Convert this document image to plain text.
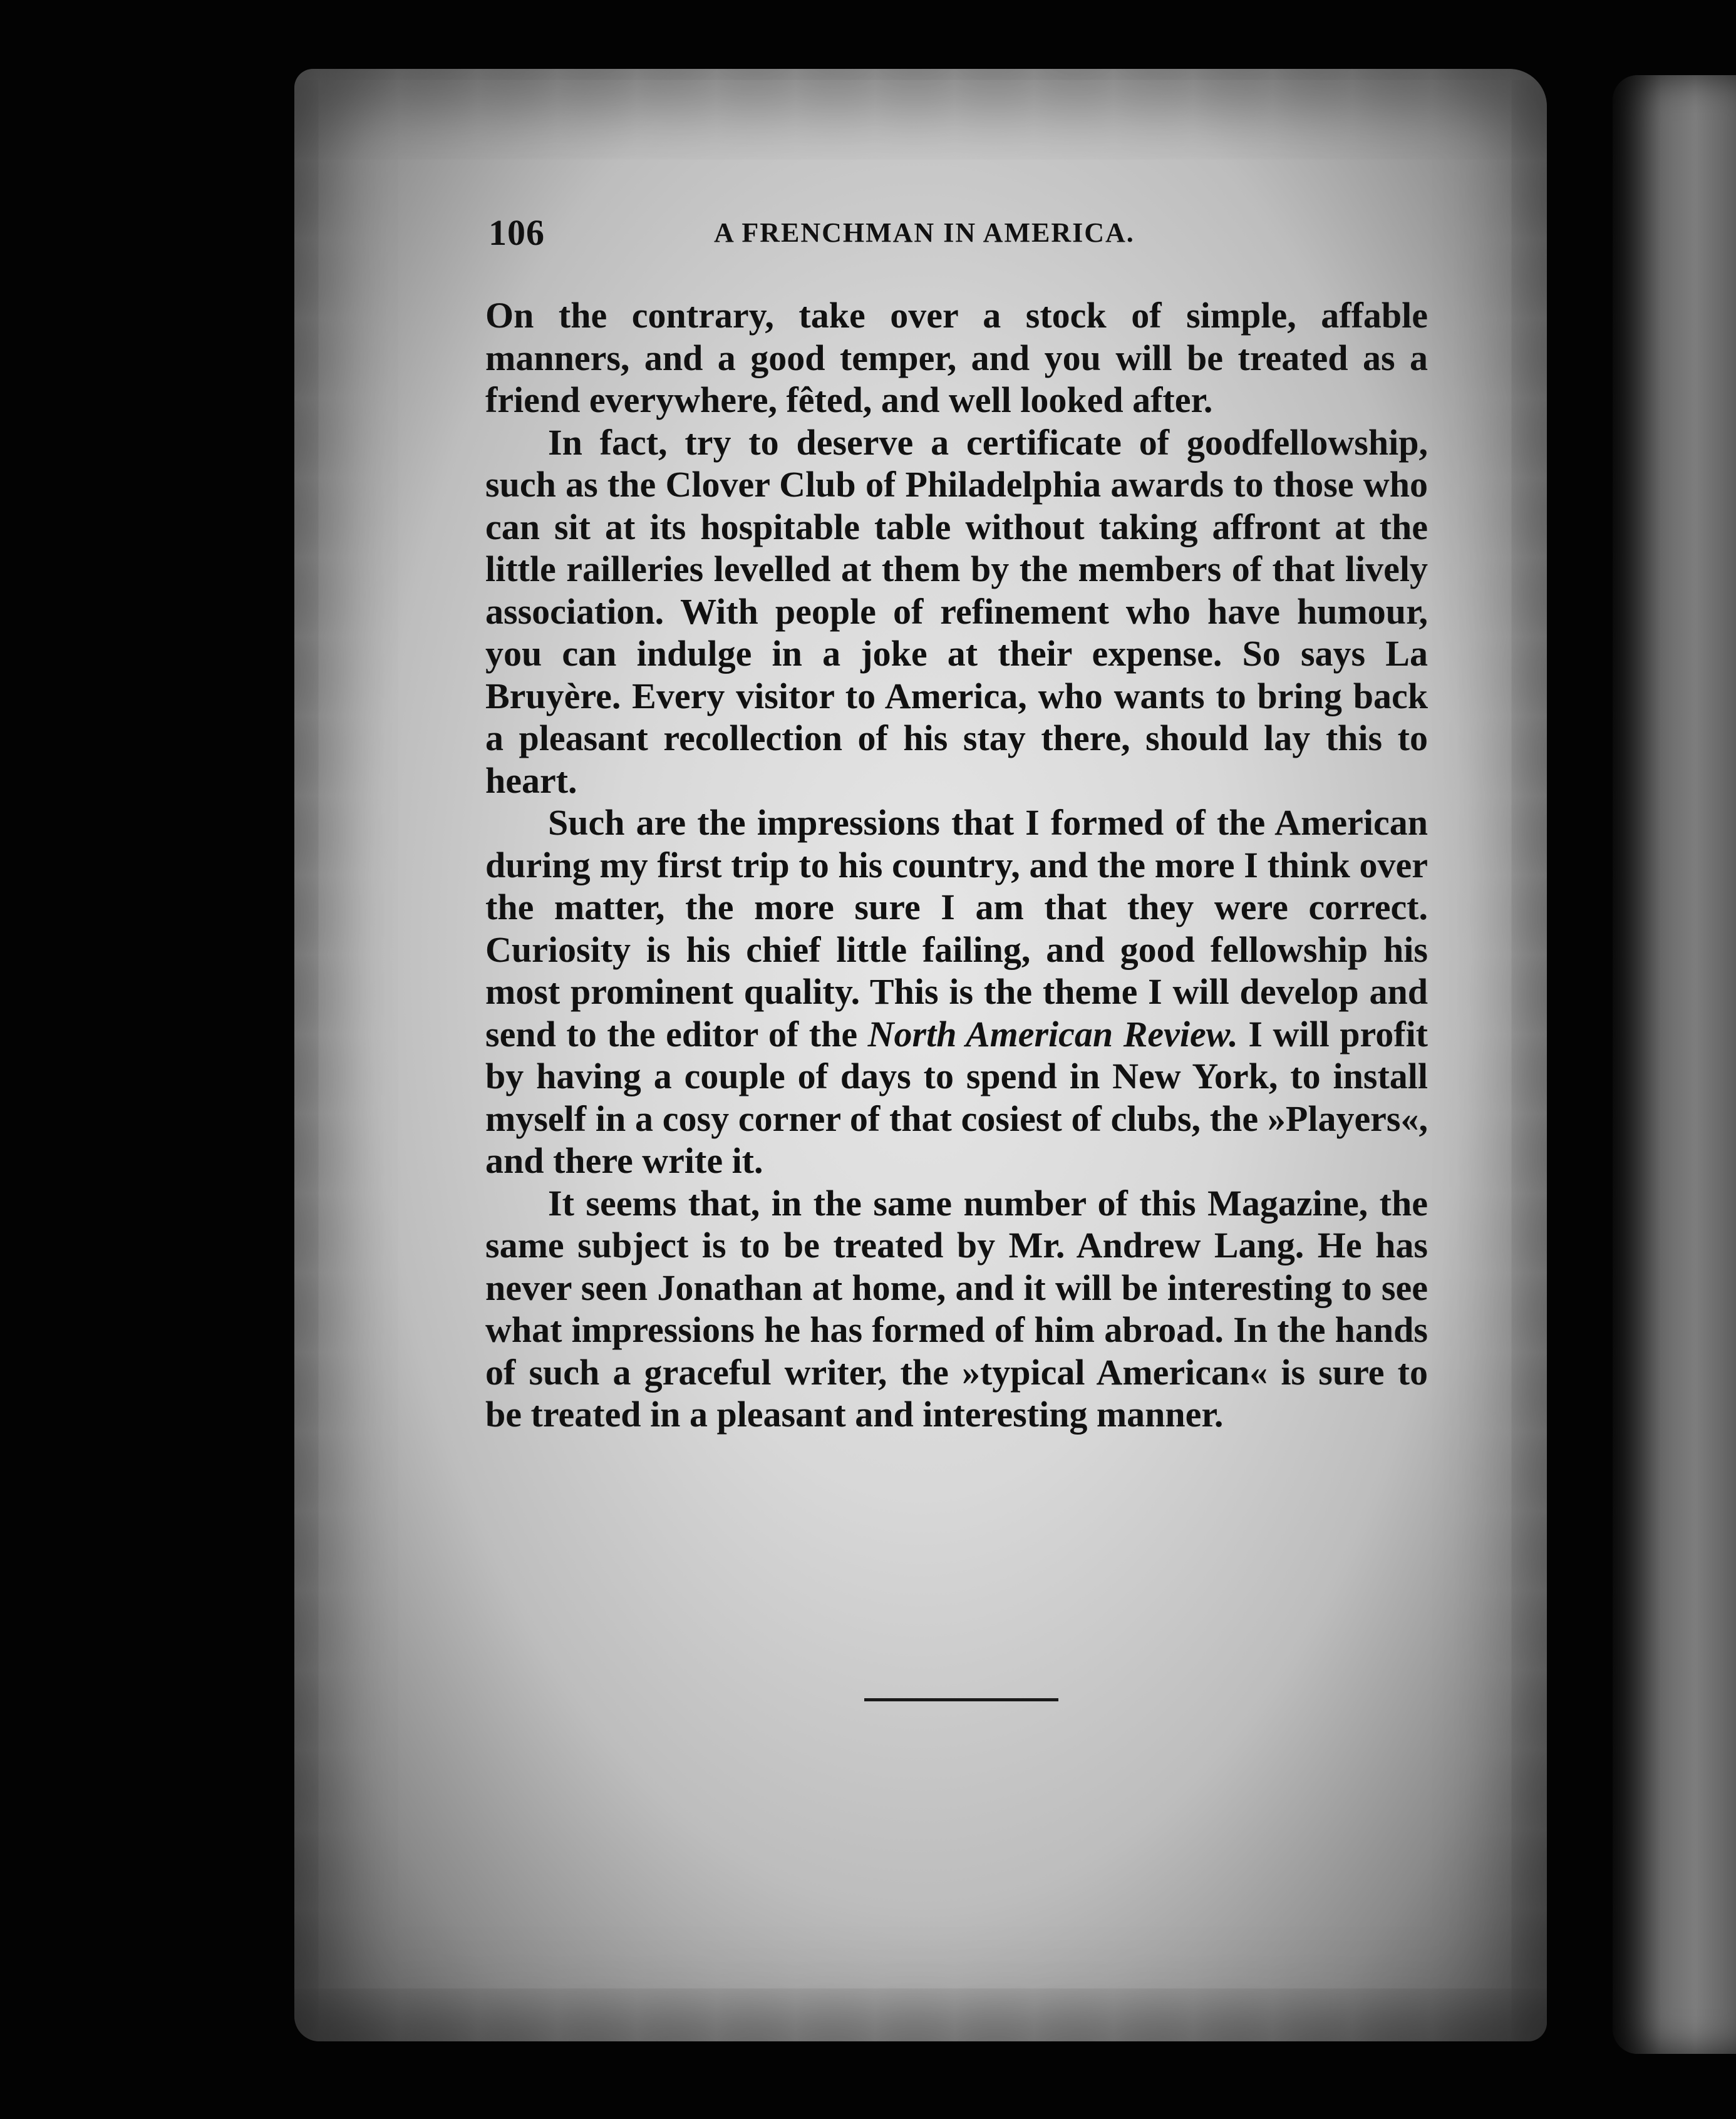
106	A FRENCHMAN IN AMERICA.

On the contrary, take over a stock of simple, affable manners, and a good temper, and you will be treated as a friend everywhere, fêted, and well looked after.

In fact, try to deserve a certificate of goodfellowship, such as the Clover Club of Philadelphia awards to those who can sit at its hospitable table without taking affront at the little railleries levelled at them by the members of that lively association. With people of refinement who have humour, you can indulge in a joke at their expense. So says La Bruyère. Every visitor to America, who wants to bring back a pleasant recollection of his stay there, should lay this to heart.

Such are the impressions that I formed of the American during my first trip to his country, and the more I think over the matter, the more sure I am that they were correct. Curiosity is his chief little failing, and good fellowship his most prominent quality. This is the theme I will develop and send to the editor of the North American Review. I will profit by having a couple of days to spend in New York, to install myself in a cosy corner of that cosiest of clubs, the »Players«, and there write it.

It seems that, in the same number of this Magazine, the same subject is to be treated by Mr. Andrew Lang. He has never seen Jonathan at home, and it will be interesting to see what impressions he has formed of him abroad. In the hands of such a graceful writer, the »typical American« is sure to be treated in a pleasant and interesting manner.
